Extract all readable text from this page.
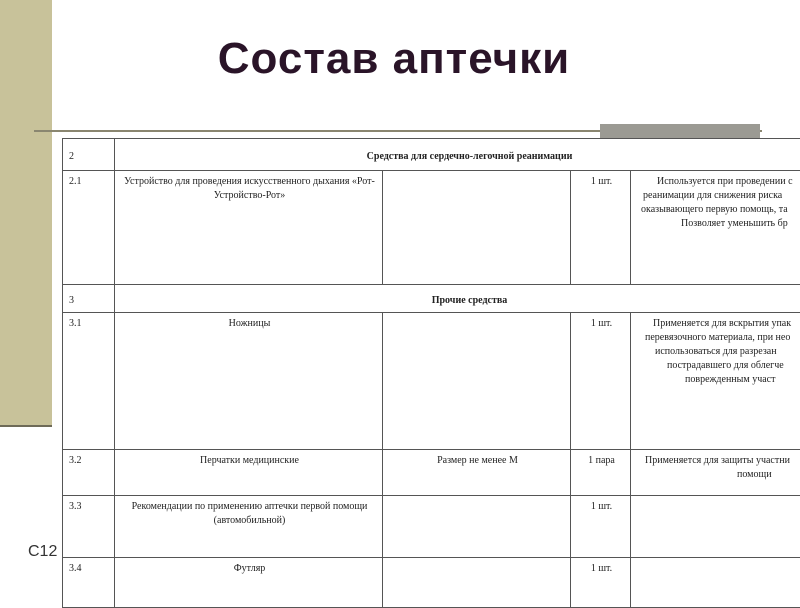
Состав аптечки
С12
2	Средства для сердечно-легочной реанимации			
2.1	Устройство для проведения искусственного дыхания «Рот-Устройство-Рот»		1 шт.	Используется при проведении с
реанимации для снижения риска
оказывающего первую помощь, та
Позволяет уменьшить бр

3	Прочие средства			
3.1	Ножницы		1 шт.	Применяется для вскрытия упак
перевязочного материала, при нео
использоваться для разрезан
пострадавшего для облегче
поврежденным участ

3.2	Перчатки медицинские	Размер не менее М	1 пара	Применяется для защиты участни
помощи

3.3	Рекомендации по применению аптечки первой помощи (автомобильной)		1 шт.	
3.4	Футляр		1 шт.	
